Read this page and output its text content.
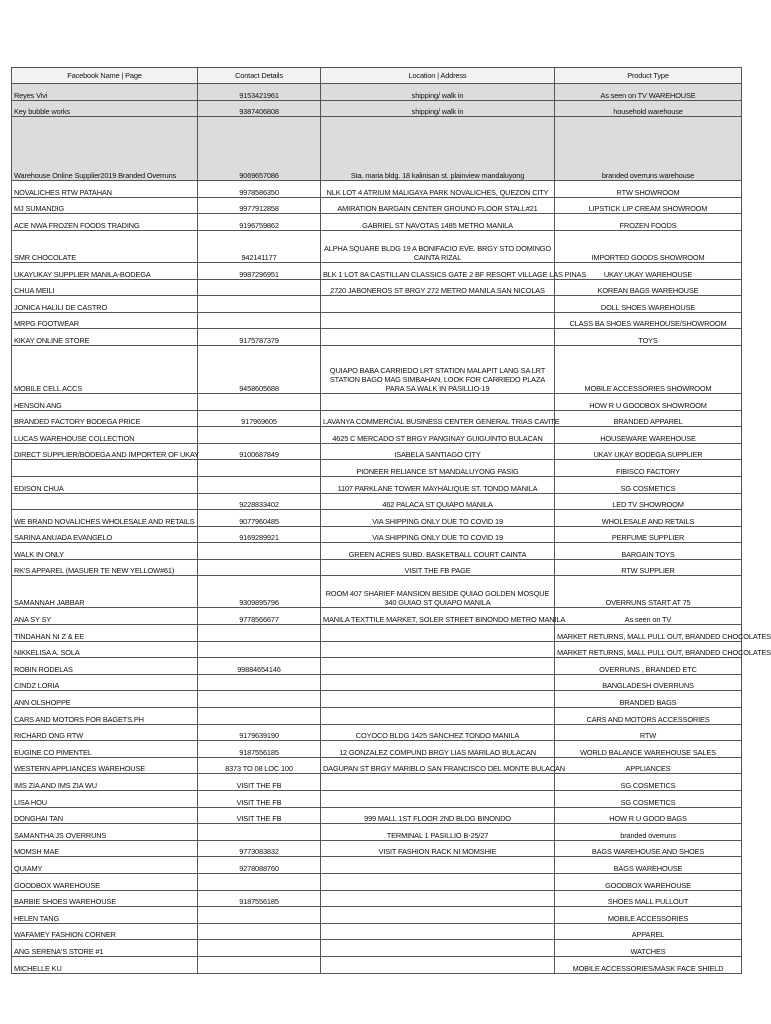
Facebook Name | Page	Contact Details	Location | Address	Product Type
Reyes Vivi	9153421961	shipping/ walk in	As seen on TV WAREHOUSE
Key bubble works	9387406808	shipping/ walk in	household warehouse
Warehouse Online Supplier2019 Branded Overruns	9069657086	Sta. maria bldg. 18 kalinisan st. plainview mandaluyong	branded overruns warehouse
NOVALICHES RTW PATAHAN	9978586350	NLK LOT 4 ATRIUM MALIGAYA PARK NOVALICHES, QUEZON CITY	RTW SHOWROOM
MJ SUMANDIG	9977912858	AMIRATION BARGAIN CENTER GROUND FLOOR STALL#21	LIPSTICK LIP CREAM SHOWROOM
ACE NWA FROZEN FOODS TRADING	9196759862	GABRIEL ST NAVOTAS 1485 METRO MANILA	FROZEN FOODS
SMR CHOCOLATE	942141177	ALPHA SQUARE BLDG 19 A BONIFACIO EVE. BRGY STO DOMINGO CAINTA RIZAL	IMPORTED GOODS SHOWROOM
UKAYUKAY SUPPLIER MANILA-BODEGA	9987296951	BLK 1 LOT 8A CASTILLAN CLASSICS GATE 2 BF RESORT VILLAGE LAS PINAS	UKAY UKAY WAREHOUSE
CHUA MEILI		2720 JABONEROS ST BRGY 272 METRO MANILA SAN NICOLAS	KOREAN BAGS WAREHOUSE
JONICA HALILI DE CASTRO			DOLL SHOES WAREHOUSE
MRPG FOOTWEAR			CLASS BA SHOES WAREHOUSE/SHOWROOM
KIKAY ONLINE STORE	9175787379		TOYS
MOBILE CELL ACCS	9458605688	QUIAPO BABA CARRIEDO LRT STATION MALAPIT LANG SA LRT STATION BAGO MAG SIMBAHAN, LOOK FOR CARRIEDO PLAZA PARA SA WALK IN PASILLIO-19	MOBILE ACCESSORIES SHOWROOM
HENSON ANG			HOW R U GOODBOX SHOWROOM
BRANDED FACTORY BODEGA PRICE	917969605	LAVANYA COMMERCIAL BUSINESS CENTER GENERAL TRIAS CAVITE	BRANDED APPAREL
LUCAS WAREHOUSE COLLECTION		4625 C MERCADO ST BRGY PANGINAY GUIGUINTO BULACAN	HOUSEWARE WAREHOUSE
DIRECT SUPPLIER/BODEGA AND IMPORTER OF UKAY	9100687849	ISABELA SANTIAGO CITY	UKAY UKAY BODEGA SUPPLIER
		PIONEER RELIANCE ST MANDALUYONG PASIG	FIBISCO FACTORY
EDISON CHUA		1107 PARKLANE TOWER MAYHALIQUE ST. TONDO MANILA	SG COSMETICS
	9228833402	462 PALACA ST QUIAPO MANILA	LED TV SHOWROOM
WE BRAND NOVALICHES WHOLESALE AND RETAILS	9077960485	VIA SHIPPING ONLY DUE TO COVID 19	WHOLESALE AND RETAILS
SARINA ANUADA EVANGELO	9169289921	VIA SHIPPING ONLY DUE TO COVID 19	PERFUME SUPPLIER
WALK IN ONLY		GREEN ACRES SUBD. BASKETBALL COURT CAINTA	BARGAIN TOYS
RK'S APPAREL (MASUER TE NEW YELLOW#61)		VISIT THE FB PAGE	RTW SUPPLIER
SAMANNAH JABBAR	9309895796	ROOM 407 SHARIEF MANSION BESIDE QUIAO GOLDEN MOSQUE 340 GUIAO ST QUIAPO MANILA	OVERRUNS START AT 75
ANA SY SY	9778566677	MANILA TEXTTILE MARKET, SOLER STREET BINONDO METRO MANILA	As seen on TV
TINDAHAN NI Z & EE			MARKET RETURNS, MALL PULL OUT, BRANDED CHOCOLATES
NIKKELISA A. SOLA			MARKET RETURNS, MALL PULL OUT, BRANDED CHOCOLATES
ROBIN RODELAS	99884654146		OVERRUNS , BRANDED ETC
CINDZ LORIA			BANGLADESH OVERRUNS
ANN OLSHOPPE			BRANDED BAGS
CARS AND MOTORS FOR BAGETS.PH			CARS AND MOTORS ACCESSORIES
RICHARD ONG RTW	9179639190	COYOCO BLDG 1425 SANCHEZ TONDO MANILA	RTW
EUGINE CO PIMENTEL	9187556185	12 GONZALEZ COMPUND BRGY LIAS MARILAO BULACAN	WORLD BALANCE WAREHOUSE SALES
WESTERN APPLIANCES WAREHOUSE	8373 TO 08 LOC 100	DAGUPAN ST BRGY MARIBLO SAN FRANCISCO DEL MONTE BULACAN	APPLIANCES
IMS ZIA AND IMS ZIA WU	VISIT THE FB		SG COSMETICS
LISA HOU	VISIT THE FB		SG COSMETICS
DONGHAI TAN	VISIT THE FB	999 MALL 1ST FLOOR 2ND BLDG BINONDO	HOW R U GOOD BAGS
SAMANTHA JS OVERRUNS		TERMINAL 1 PASILLIO B-25/27	branded overruns
MOMSH MAE	9773083832	VISIT FASHION RACK NI MOMSHIE	BAGS WAREHOUSE AND SHOES
QUIAMY	9278088760		BAGS WAREHOUSE
GOODBOX WAREHOUSE			GOODBOX WAREHOUSE
BARBIE SHOES WAREHOUSE	9187556185		SHOES MALL PULLOUT
HELEN TANG			MOBILE ACCESSORIES
WAFAMEY FASHION CORNER			APPAREL
ANG SERENA'S STORE #1			WATCHES
MICHELLE KU			MOBILE ACCESSORIES/MASK FACE SHIELD
